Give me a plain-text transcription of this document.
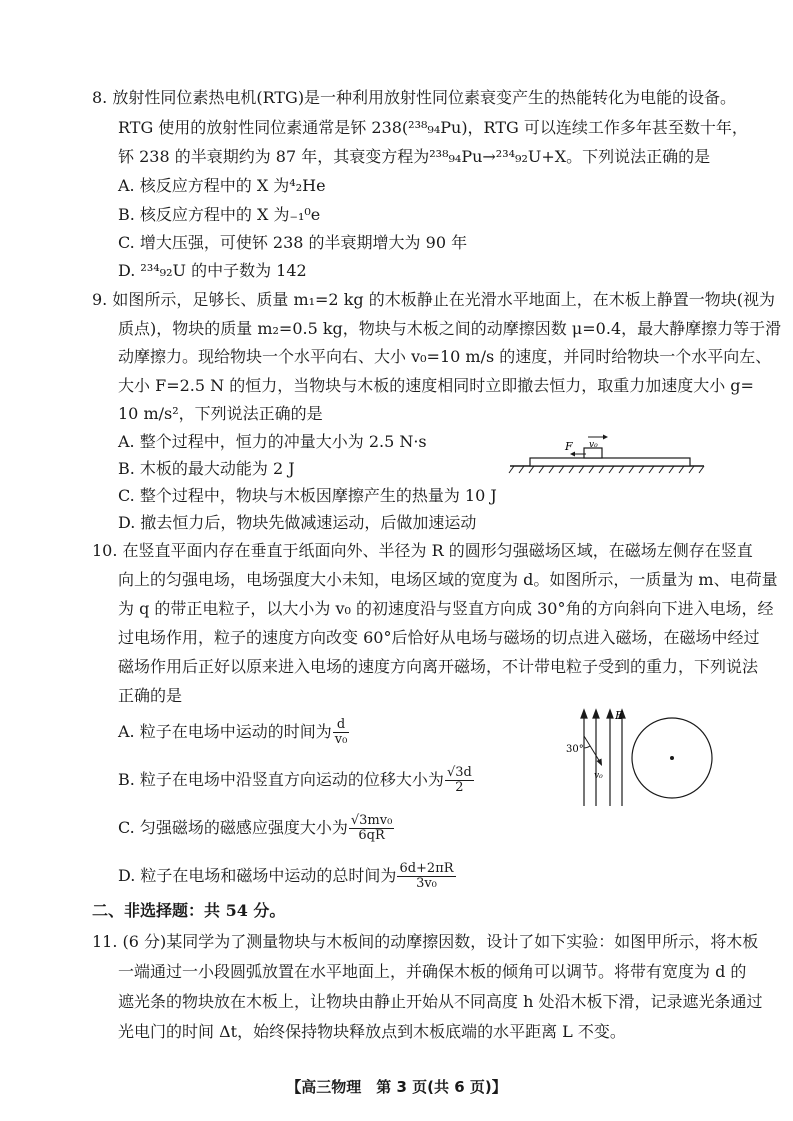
8. 放射性同位素热电机(RTG)是一种利用放射性同位素衰变产生的热能转化为电能的设备。
RTG 使用的放射性同位素通常是钚 238(²³⁸₉₄Pu)，RTG 可以连续工作多年甚至数十年，
钚 238 的半衰期约为 87 年，其衰变方程为²³⁸₉₄Pu→²³⁴₉₂U+X。下列说法正确的是
A. 核反应方程中的 X 为⁴₂He
B. 核反应方程中的 X 为₋₁⁰e
C. 增大压强，可使钚 238 的半衰期增大为 90 年
D. ²³⁴₉₂U 的中子数为 142
9. 如图所示，足够长、质量 m₁=2 kg 的木板静止在光滑水平地面上，在木板上静置一物块(视为
质点)，物块的质量 m₂=0.5 kg，物块与木板之间的动摩擦因数 μ=0.4，最大静摩擦力等于滑
动摩擦力。现给物块一个水平向右、大小 v₀=10 m/s 的速度，并同时给物块一个水平向左、
大小 F=2.5 N 的恒力，当物块与木板的速度相同时立即撤去恒力，取重力加速度大小 g=
10 m/s²，下列说法正确的是
A. 整个过程中，恒力的冲量大小为 2.5 N·s
B. 木板的最大动能为 2 J
C. 整个过程中，物块与木板因摩擦产生的热量为 10 J
D. 撤去恒力后，物块先做减速运动，后做加速运动
F v₀
10. 在竖直平面内存在垂直于纸面向外、半径为 R 的圆形匀强磁场区域，在磁场左侧存在竖直
向上的匀强电场，电场强度大小未知，电场区域的宽度为 d。如图所示，一质量为 m、电荷量
为 q 的带正电粒子，以大小为 v₀ 的初速度沿与竖直方向成 30°角的方向斜向下进入电场，经
过电场作用，粒子的速度方向改变 60°后恰好从电场与磁场的切点进入磁场，在磁场中经过
磁场作用后正好以原来进入电场的速度方向离开磁场，不计带电粒子受到的重力，下列说法
正确的是
A. 粒子在电场中运动的时间为 $\frac{d}{\text{v₀}}$
B. 粒子在电场中沿竖直方向运动的位移大小为 $\frac{√3d}{2}$
C. 匀强磁场的磁感应强度大小为 $\frac{\text{√3mv₀}}{6qR}$
D. 粒子在电场和磁场中运动的总时间为 $\frac{6d+2\pi R}{\text{3v₀}}$
E
30°
v₀
二、非选择题：共 54 分。
11. (6 分)某同学为了测量物块与木板间的动摩擦因数，设计了如下实验：如图甲所示，将木板
一端通过一小段圆弧放置在水平地面上，并确保木板的倾角可以调节。将带有宽度为 d 的
遮光条的物块放在木板上，让物块由静止开始从不同高度 h 处沿木板下滑，记录遮光条通过
光电门的时间 Δt，始终保持物块释放点到木板底端的水平距离 L 不变。
【高三物理　第 3 页(共 6 页)】
